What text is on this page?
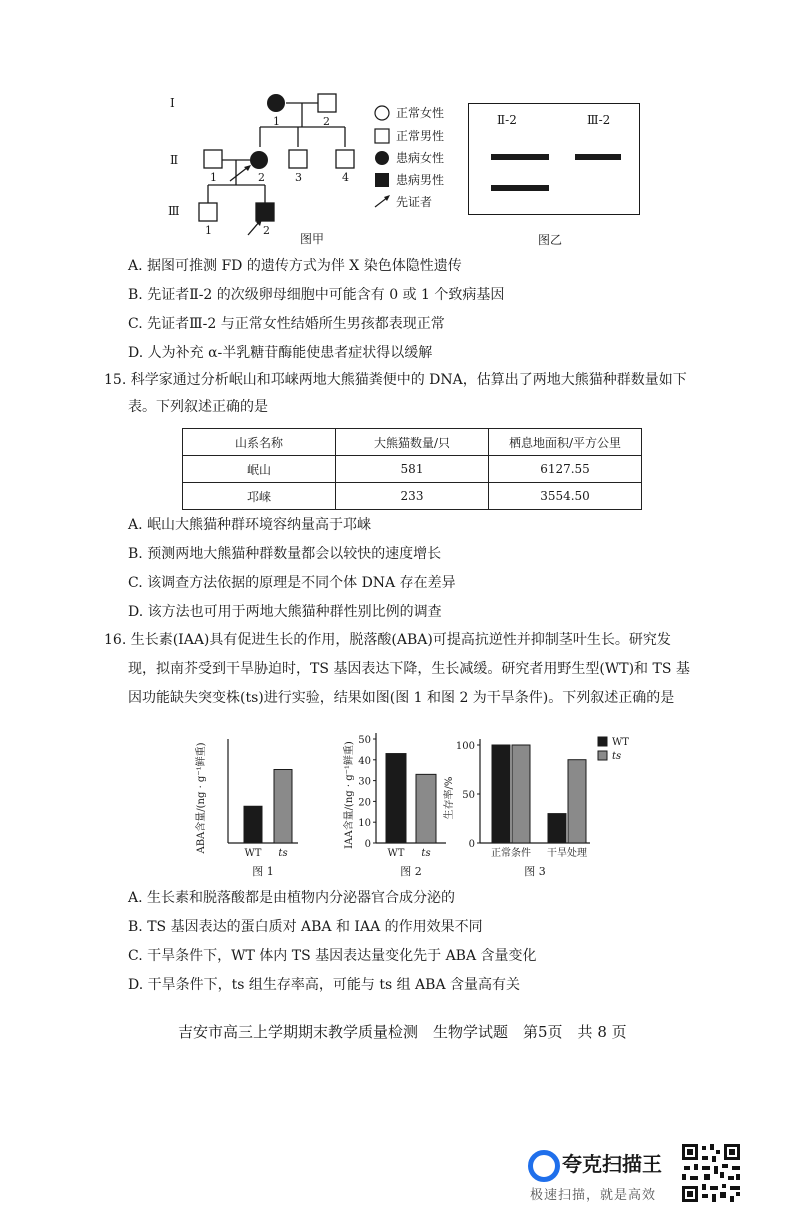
Ⅰ
Ⅱ
Ⅲ
1	2
1	2	3	4
1	2
图甲
正常女性
正常男性
患病女性
患病男性
先证者
Ⅱ-2	Ⅲ-2
图乙
A. 据图可推测 FD 的遗传方式为伴 X 染色体隐性遗传
B. 先证者Ⅱ-2 的次级卵母细胞中可能含有 0 或 1 个致病基因
C. 先证者Ⅲ-2 与正常女性结婚所生男孩都表现正常
D. 人为补充 α-半乳糖苷酶能使患者症状得以缓解
15. 科学家通过分析岷山和邛崃两地大熊猫粪便中的 DNA，估算出了两地大熊猫种群数量如下
表。下列叙述正确的是
山系名称	大熊猫数量/只	栖息地面积/平方公里
岷山	581	6127.55
邛崃	233	3554.50
A. 岷山大熊猫种群环境容纳量高于邛崃
B. 预测两地大熊猫种群数量都会以较快的速度增长
C. 该调查方法依据的原理是不同个体 DNA 存在差异
D. 该方法也可用于两地大熊猫种群性别比例的调查
16. 生长素(IAA)具有促进生长的作用，脱落酸(ABA)可提高抗逆性并抑制茎叶生长。研究发
现，拟南芥受到干旱胁迫时，TS 基因表达下降，生长减缓。研究者用野生型(WT)和 TS 基
因功能缺失突变株(ts)进行实验，结果如图(图 1 和图 2 为干旱条件)。下列叙述正确的是
ABA含量/(ng · g⁻¹鲜重)	WT ts
图 1
0
10
20
30
40
50
IAA含量/(ng · g⁻¹鲜重)
WT ts
图 2
0
50
100
生存率/%
正常条件 干旱处理
WT
ts
图 3
A. 生长素和脱落酸都是由植物内分泌器官合成分泌的
B. TS 基因表达的蛋白质对 ABA 和 IAA 的作用效果不同
C. 干旱条件下，WT 体内 TS 基因表达量变化先于 ABA 含量变化
D. 干旱条件下，ts 组生存率高，可能与 ts 组 ABA 含量高有关
吉安市高三上学期期末教学质量检测　生物学试题　第5页　共 8 页
夸克扫描王
极速扫描，就是高效
